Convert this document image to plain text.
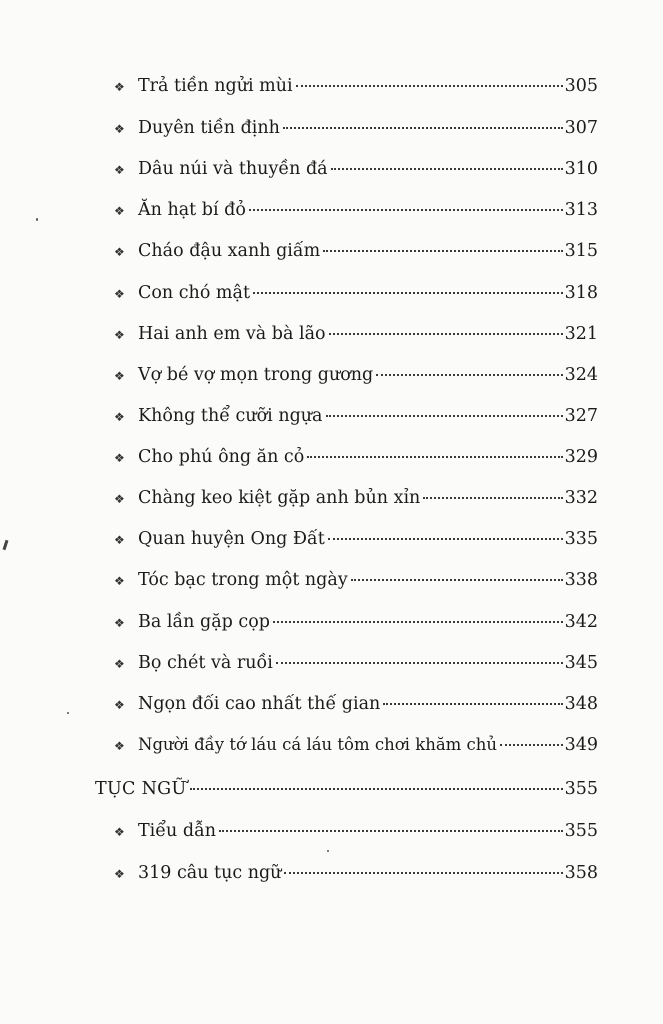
❖ Trả tiền ngửi mùi	305
❖ Duyên tiền định	307
❖ Dâu núi và thuyền đá	310
❖ Ăn hạt bí đỏ	313
❖ Cháo đậu xanh giấm	315
❖ Con chó mật	318
❖ Hai anh em và bà lão	321
❖ Vợ bé vợ mọn trong gương	324
❖ Không thể cưỡi ngựa	327
❖ Cho phú ông ăn cỏ	329
❖ Chàng keo kiệt gặp anh bủn xỉn	332
❖ Quan huyện Ong Đất	335
❖ Tóc bạc trong một ngày	338
❖ Ba lần gặp cọp	342
❖ Bọ chét và ruồi	345
❖ Ngọn đối cao nhất thế gian	348
❖ Người đầy tớ láu cá láu tôm chơi khăm chủ	349
TỤC NGỮ	355
❖ Tiểu dẫn	355
❖ 319 câu tục ngữ	358
